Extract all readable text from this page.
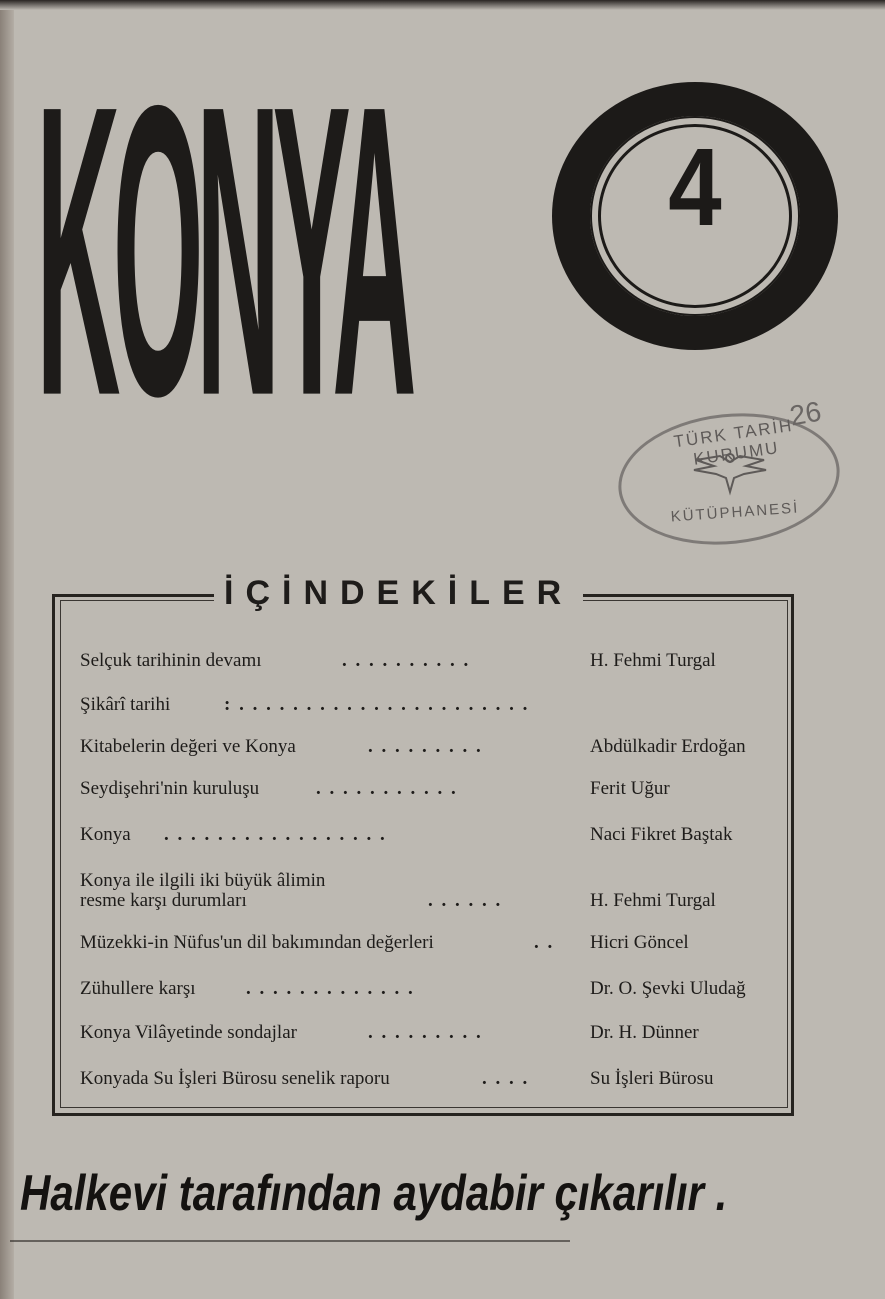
KONYA	4
TÜRK TARİH KURUMU
KÜTÜPHANESİ
26
İÇİNDEKİLER
Selçuk tarihinin devamı	. . . . . . . . . .	H. Fehmi Turgal
Şikârî tarihi	: . . . . . . . . . . . . . . . . . . . . . .
Kitabelerin değeri ve Konya	. . . . . . . . .	Abdülkadir Erdoğan
Seydişehri'nin kuruluşu	. . . . . . . . . . .	Ferit Uğur
Konya . . . . . . . . . . . . . . . . .	Naci Fikret Baştak
Konya ile ilgili iki büyük âlimin
resme karşı durumları	. . . . . .	H. Fehmi Turgal
Müzekki-in Nüfus'un dil bakımından değerleri	. . Hicri Göncel
Zühullere karşı	. . . . . . . . . . . . .	Dr. O. Şevki Uludağ
Konya Vilâyetinde sondajlar	. . . . . . . . .	Dr. H. Dünner
Konyada Su İşleri Bürosu senelik raporu	. . . .	Su İşleri Bürosu
Halkevi tarafından aydabir çıkarılır .
